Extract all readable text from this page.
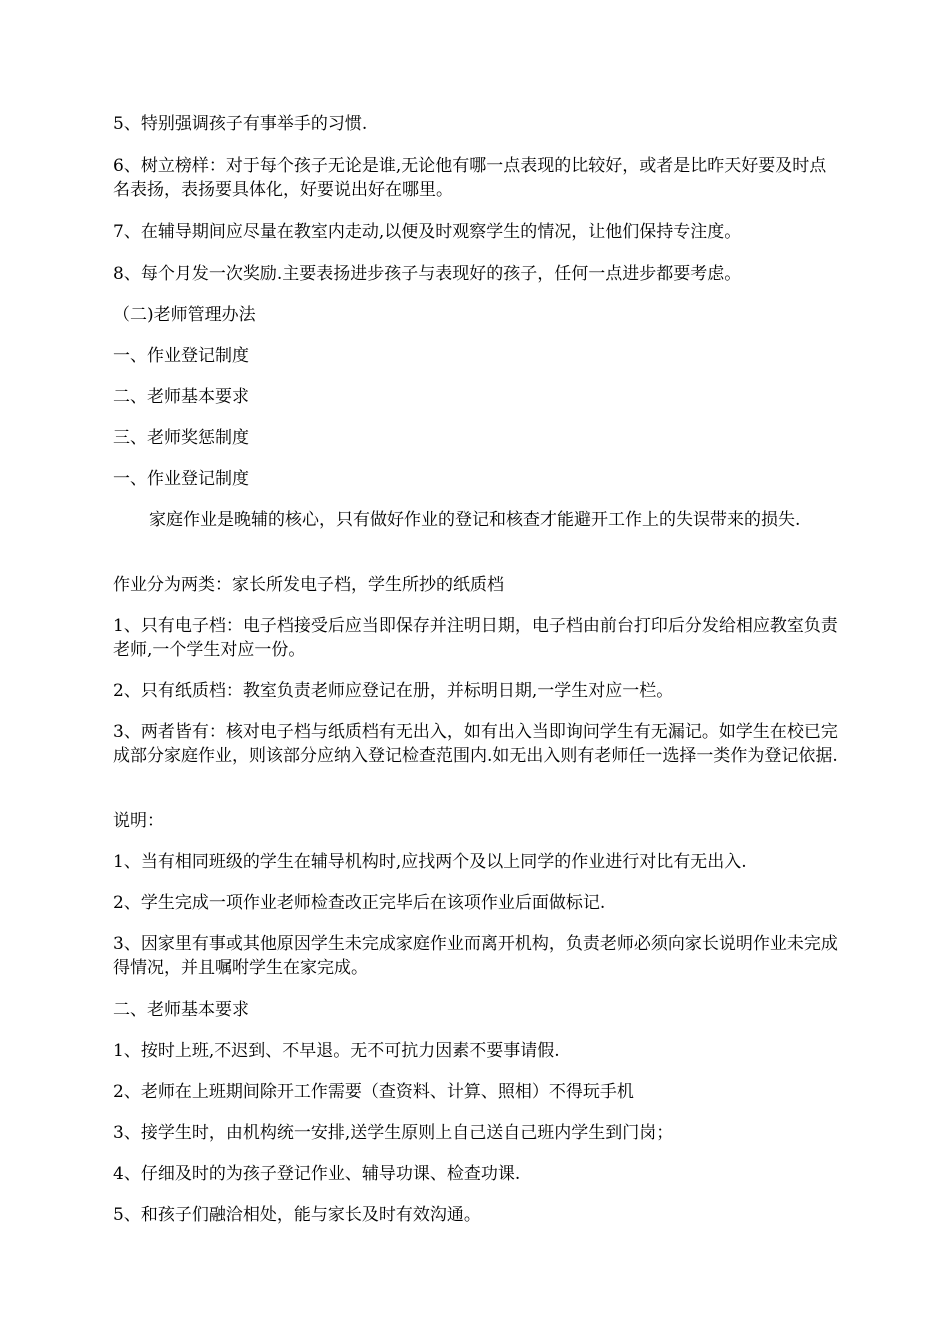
5、特别强调孩子有事举手的习惯.

6、树立榜样：对于每个孩子无论是谁,无论他有哪一点表现的比较好，或者是比昨天好要及时点名表扬，表扬要具体化，好要说出好在哪里。

7、在辅导期间应尽量在教室内走动,以便及时观察学生的情况，让他们保持专注度。

8、每个月发一次奖励.主要表扬进步孩子与表现好的孩子，任何一点进步都要考虑。

（二)老师管理办法

一、作业登记制度

二、老师基本要求

三、老师奖惩制度

一、作业登记制度

家庭作业是晚辅的核心，只有做好作业的登记和核查才能避开工作上的失误带来的损失.

作业分为两类：家长所发电子档，学生所抄的纸质档

1、只有电子档：电子档接受后应当即保存并注明日期，电子档由前台打印后分发给相应教室负责老师,一个学生对应一份。

2、只有纸质档：教室负责老师应登记在册，并标明日期,一学生对应一栏。

3、两者皆有：核对电子档与纸质档有无出入，如有出入当即询问学生有无漏记。如学生在校已完成部分家庭作业，则该部分应纳入登记检查范围内.如无出入则有老师任一选择一类作为登记依据.

说明：

1、当有相同班级的学生在辅导机构时,应找两个及以上同学的作业进行对比有无出入.

2、学生完成一项作业老师检查改正完毕后在该项作业后面做标记.

3、因家里有事或其他原因学生未完成家庭作业而离开机构，负责老师必须向家长说明作业未完成得情况，并且嘱咐学生在家完成。

二、老师基本要求

1、按时上班,不迟到、不早退。无不可抗力因素不要事请假.

2、老师在上班期间除开工作需要（查资料、计算、照相）不得玩手机

3、接学生时，由机构统一安排,送学生原则上自己送自己班内学生到门岗；

4、仔细及时的为孩子登记作业、辅导功课、检查功课.

5、和孩子们融洽相处，能与家长及时有效沟通。
